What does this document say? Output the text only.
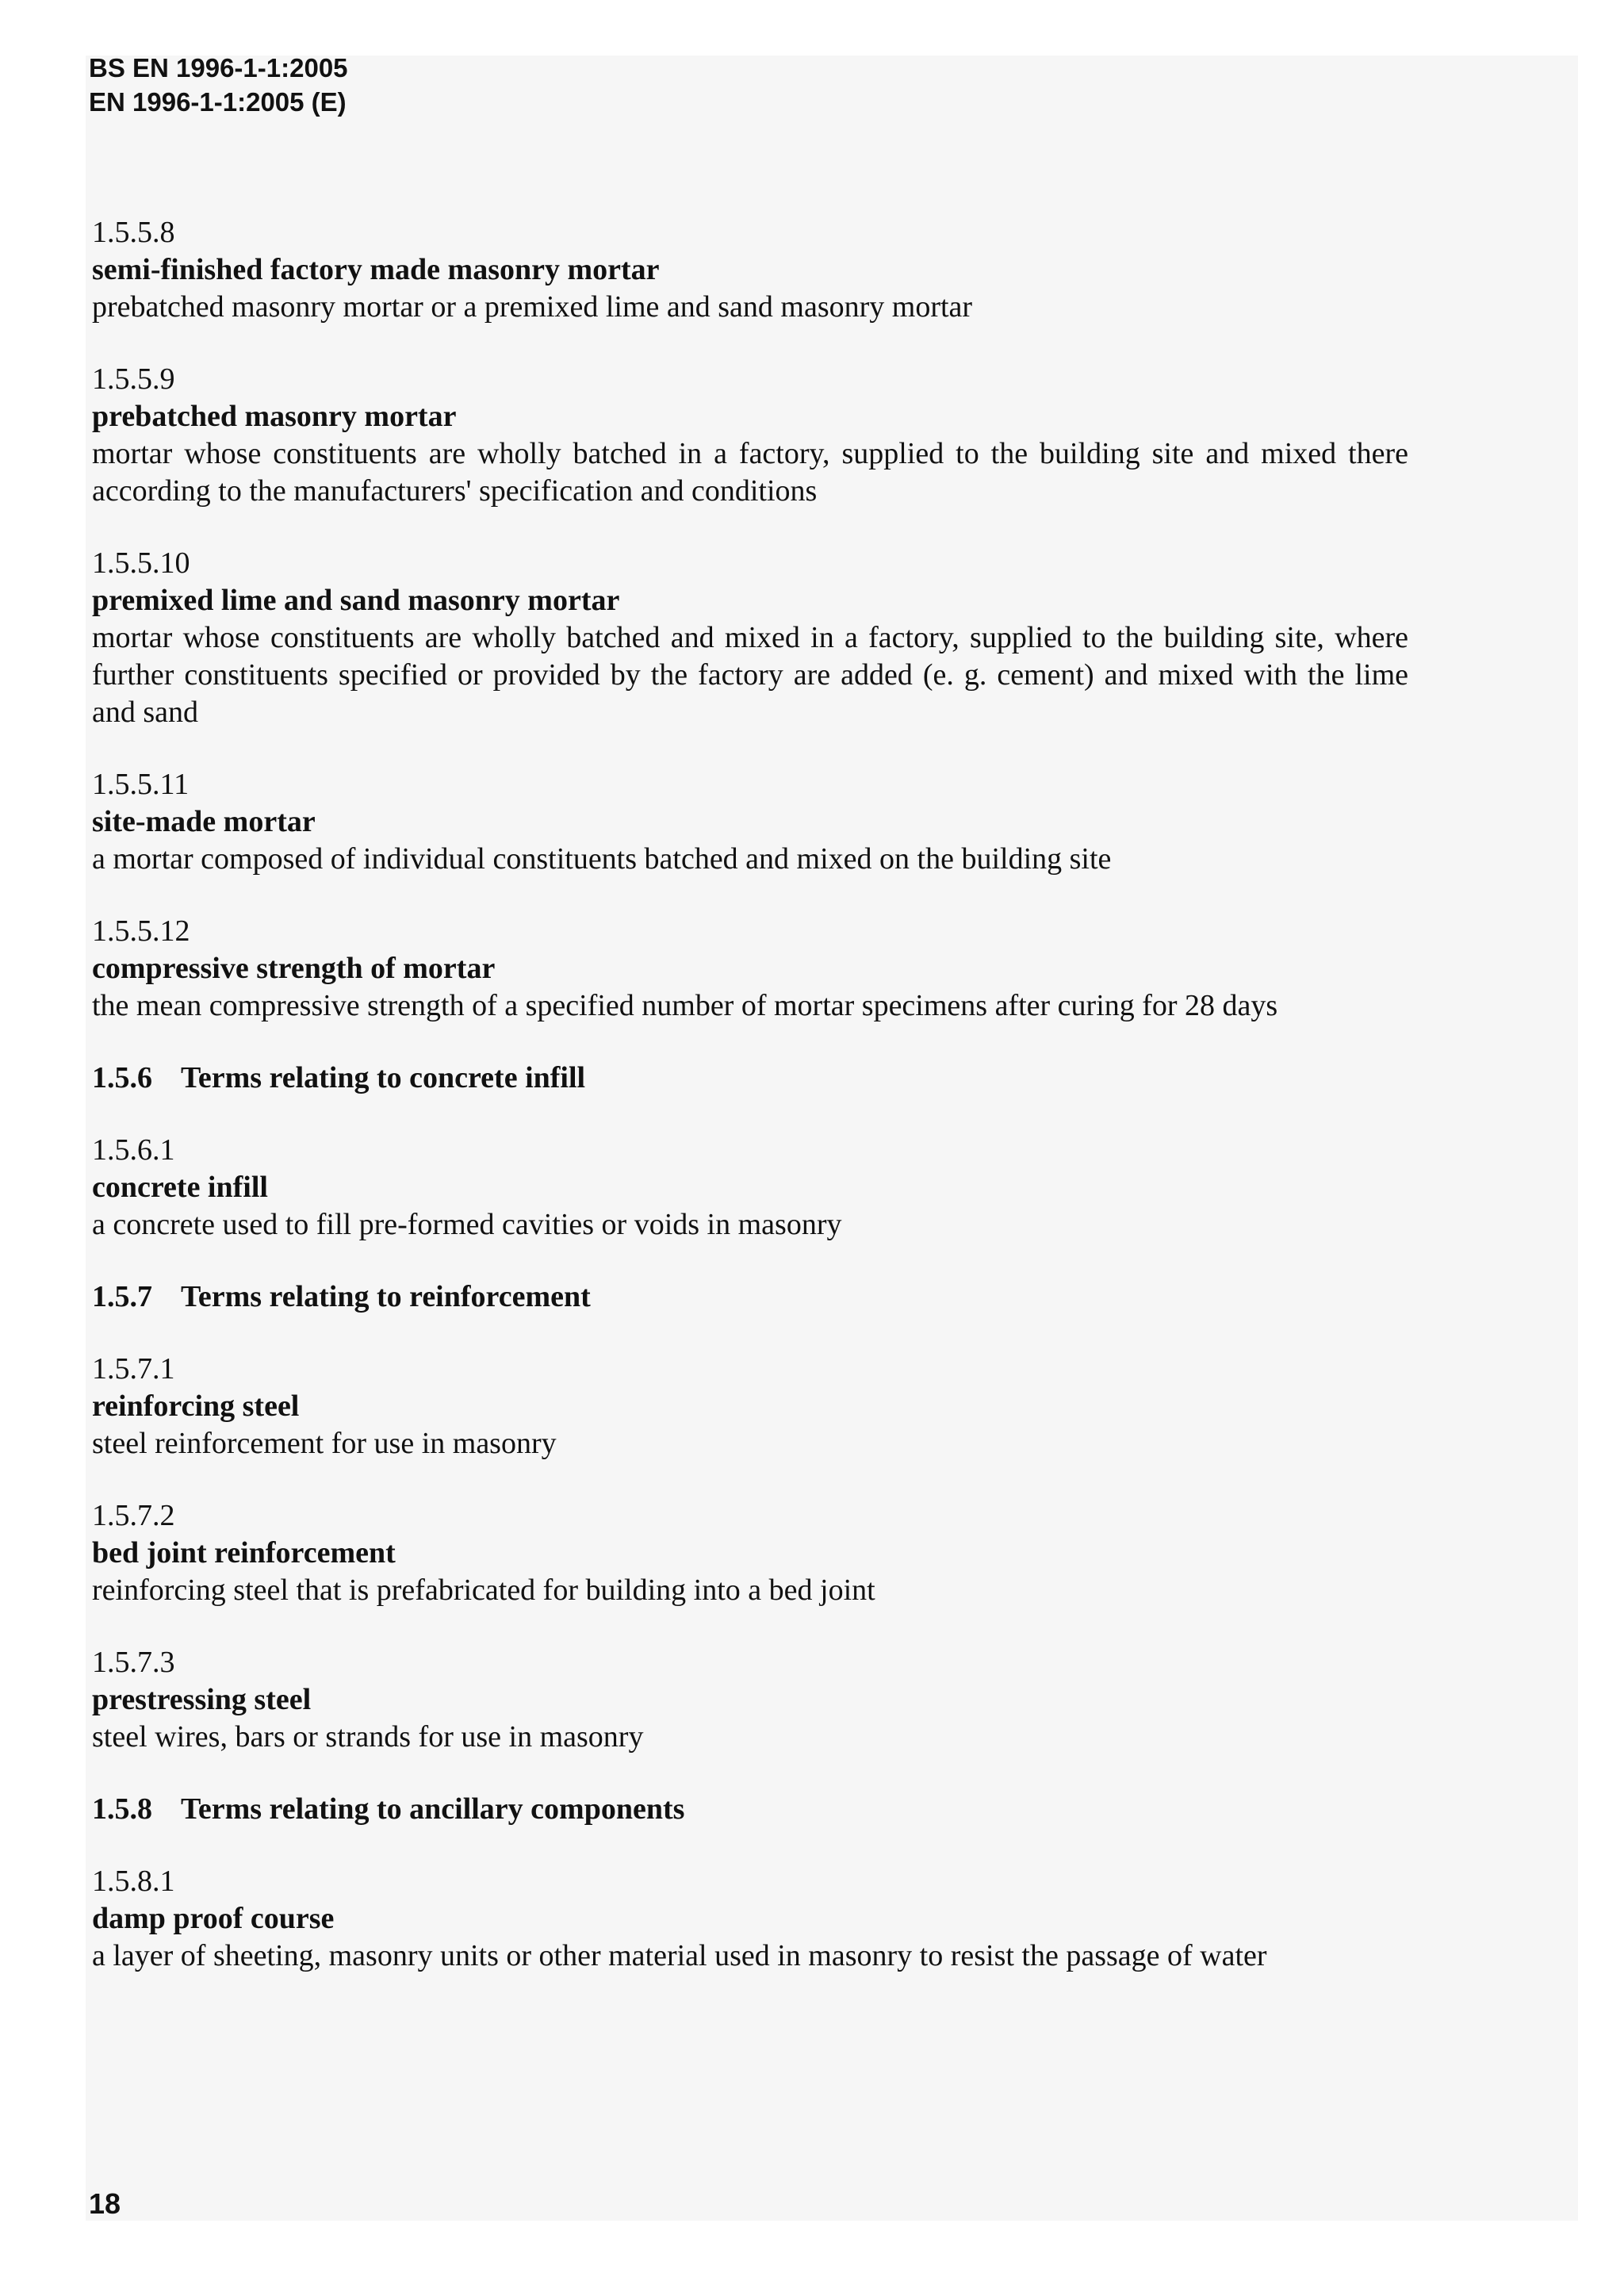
BS EN 1996-1-1:2005
EN 1996-1-1:2005 (E)

1.5.5.8

semi-finished factory made masonry mortar

prebatched masonry mortar or a premixed lime and sand masonry mortar

1.5.5.9

prebatched masonry mortar

mortar whose constituents are wholly batched in a factory, supplied to the building site and mixed there according to the manufacturers' specification and conditions

1.5.5.10

premixed lime and sand masonry mortar

mortar whose constituents are wholly batched and mixed in a factory, supplied to the building site, where further constituents specified or provided by the factory are added (e. g. cement) and mixed with the lime and sand

1.5.5.11

site-made mortar

a mortar composed of individual constituents batched and mixed on the building site

1.5.5.12

compressive strength of mortar

the mean compressive strength of a specified number of mortar specimens after curing for 28 days

1.5.6 Terms relating to concrete infill

1.5.6.1

concrete infill

a concrete used to fill pre-formed cavities or voids in masonry

1.5.7 Terms relating to reinforcement

1.5.7.1

reinforcing steel

steel reinforcement for use in masonry

1.5.7.2

bed joint reinforcement

reinforcing steel that is prefabricated for building into a bed joint

1.5.7.3

prestressing steel

steel wires, bars or strands for use in masonry

1.5.8 Terms relating to ancillary components

1.5.8.1

damp proof course

a layer of sheeting, masonry units or other material used in masonry to resist the passage of water

18
